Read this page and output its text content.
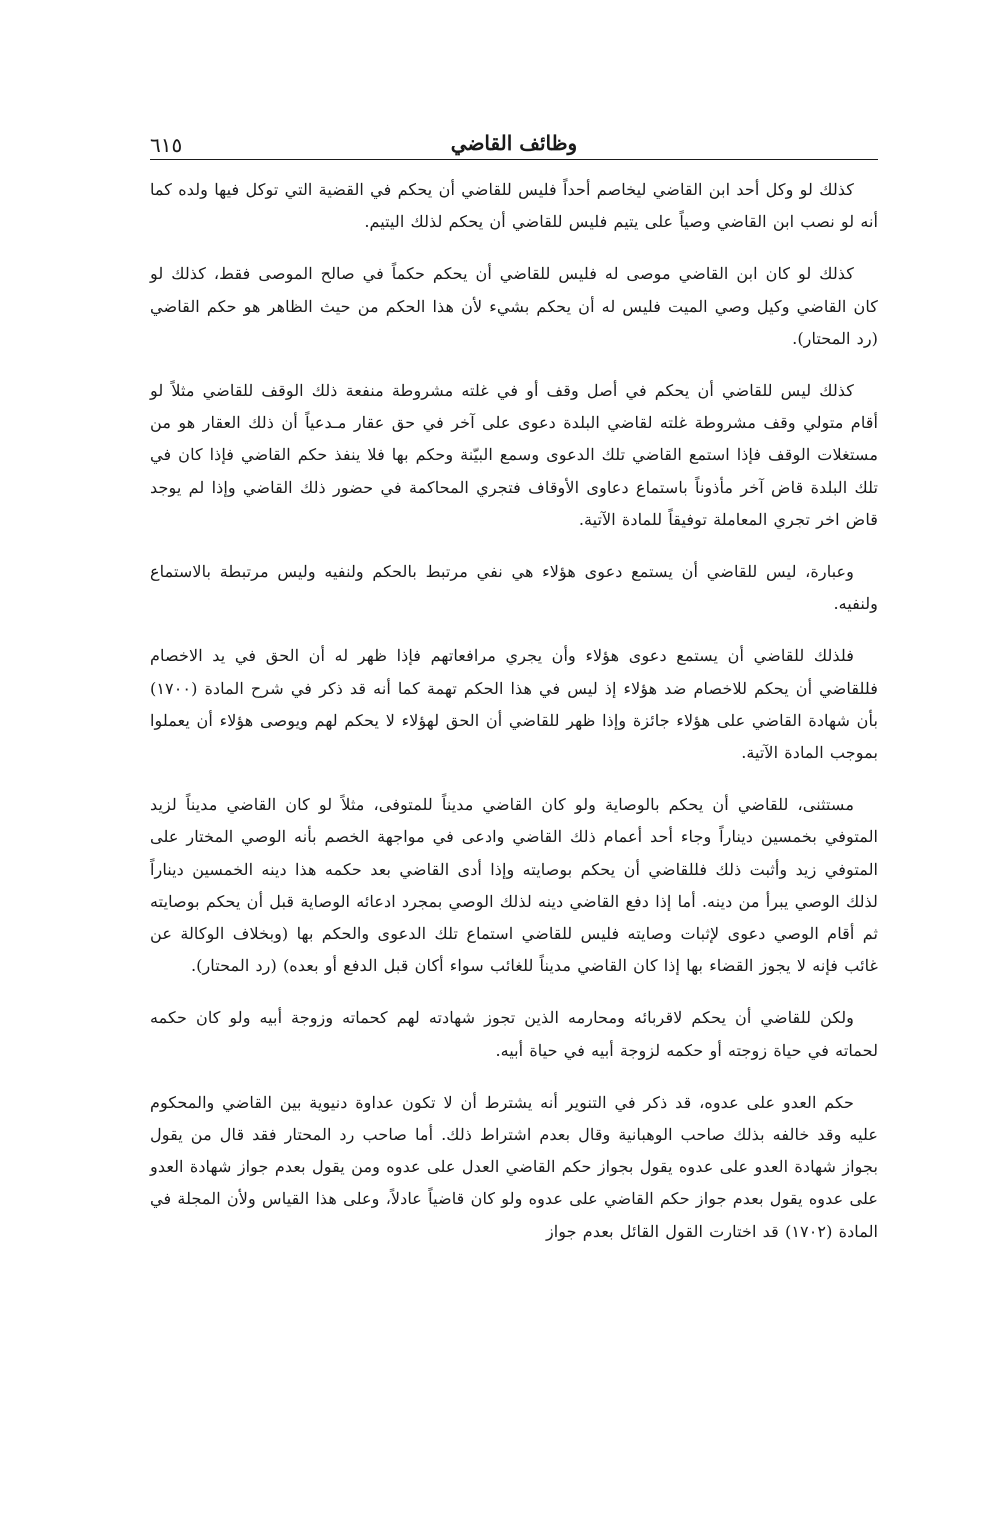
وظائف القاضي
٦١٥

كذلك لو وكل أحد ابن القاضي ليخاصم أحداً فليس للقاضي أن يحكم في القضية التي توكل فيها ولده كما أنه لو نصب ابن القاضي وصياً على يتيم فليس للقاضي أن يحكم لذلك اليتيم.

كذلك لو كان ابن القاضي موصى له فليس للقاضي أن يحكم حكماً في صالح الموصى فقط، كذلك لو كان القاضي وكيل وصي الميت فليس له أن يحكم بشيء لأن هذا الحكم من حيث الظاهر هو حكم القاضي (رد المحتار).

كذلك ليس للقاضي أن يحكم في أصل وقف أو في غلته مشروطة منفعة ذلك الوقف للقاضي مثلاً لو أقام متولي وقف مشروطة غلته لقاضي البلدة دعوى على آخر في حق عقار مـدعياً أن ذلك العقار هو من مستغلات الوقف فإذا استمع القاضي تلك الدعوى وسمع البيّنة وحكم بها فلا ينفذ حكم القاضي فإذا كان في تلك البلدة قاض آخر مأذوناً باستماع دعاوى الأوقاف فتجري المحاكمة في حضور ذلك القاضي وإذا لم يوجد قاض اخر تجري المعاملة توفيقاً للمادة الآتية.

وعبارة، ليس للقاضي أن يستمع دعوى هؤلاء هي نفي مرتبط بالحكم ولنفيه وليس مرتبطة بالاستماع ولنفيه.

فلذلك للقاضي أن يستمع دعوى هؤلاء وأن يجري مرافعاتهم فإذا ظهر له أن الحق في يد الاخصام فللقاضي أن يحكم للاخصام ضد هؤلاء إذ ليس في هذا الحكم تهمة كما أنه قد ذكر في شرح المادة (١٧٠٠) بأن شهادة القاضي على هؤلاء جائزة وإذا ظهر للقاضي أن الحق لهؤلاء لا يحكم لهم ويوصى هؤلاء أن يعملوا بموجب المادة الآتية.

مستثنى، للقاضي أن يحكم بالوصاية ولو كان القاضي مديناً للمتوفى، مثلاً لو كان القاضي مديناً لزيد المتوفي بخمسين ديناراً وجاء أحد أعمام ذلك القاضي وادعى في مواجهة الخصم بأنه الوصي المختار على المتوفي زيد وأثبت ذلك فللقاضي أن يحكم بوصايته وإذا أدى القاضي بعد حكمه هذا دينه الخمسين ديناراً لذلك الوصي يبرأ من دينه. أما إذا دفع القاضي دينه لذلك الوصي بمجرد ادعائه الوصاية قبل أن يحكم بوصايته ثم أقام الوصي دعوى لإثبات وصايته فليس للقاضي استماع تلك الدعوى والحكم بها (وبخلاف الوكالة عن غائب فإنه لا يجوز القضاء بها إذا كان القاضي مديناً للغائب سواء أكان قبل الدفع أو بعده) (رد المحتار).

ولكن للقاضي أن يحكم لاقربائه ومحارمه الذين تجوز شهادته لهم كحماته وزوجة أبيه ولو كان حكمه لحماته في حياة زوجته أو حكمه لزوجة أبيه في حياة أبيه.

حكم العدو على عدوه، قد ذكر في التنوير أنه يشترط أن لا تكون عداوة دنيوية بين القاضي والمحكوم عليه وقد خالفه بذلك صاحب الوهبانية وقال بعدم اشتراط ذلك. أما صاحب رد المحتار فقد قال من يقول بجواز شهادة العدو على عدوه يقول بجواز حكم القاضي العدل على عدوه ومن يقول بعدم جواز شهادة العدو على عدوه يقول بعدم جواز حكم القاضي على عدوه ولو كان قاضياً عادلاً، وعلى هذا القياس ولأن المجلة في المادة (١٧٠٢) قد اختارت القول القائل بعدم جواز
